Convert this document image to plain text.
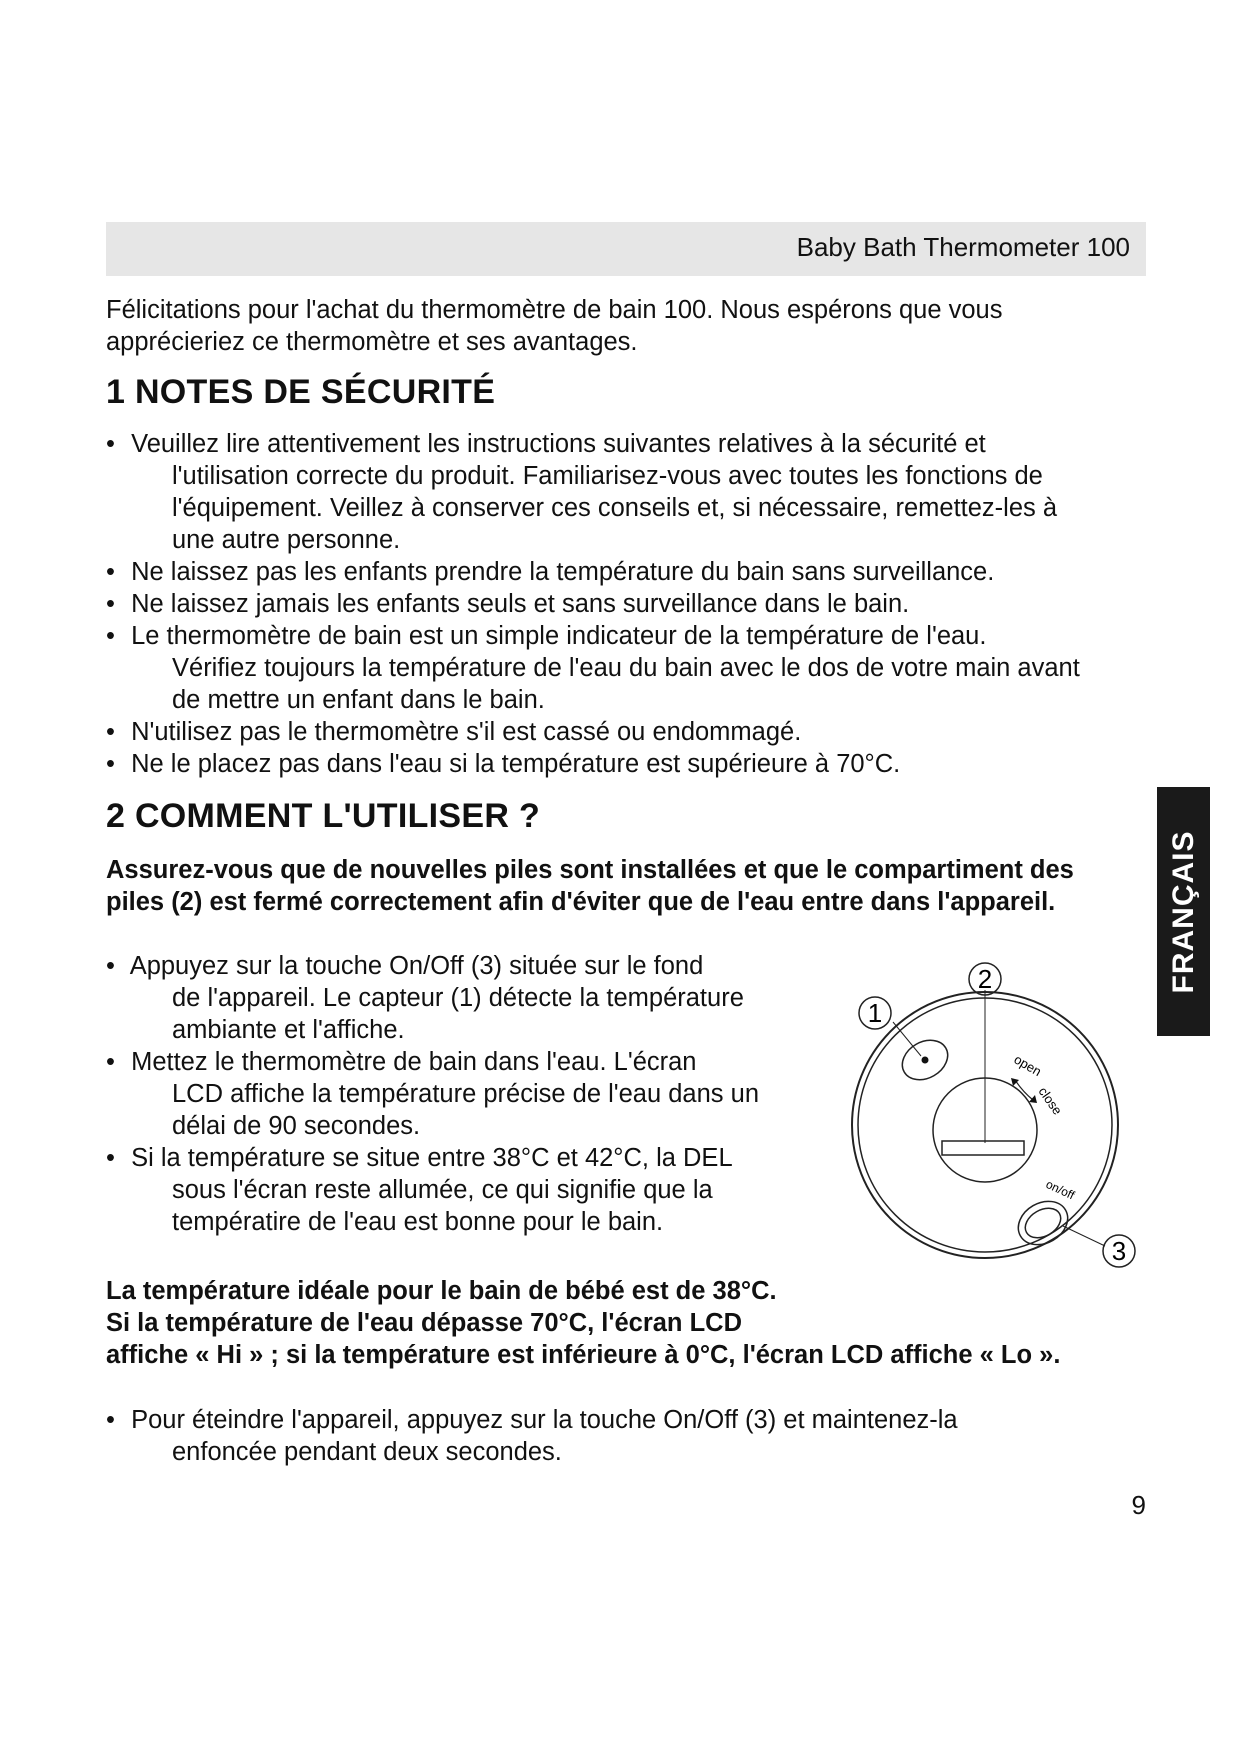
Baby Bath Thermometer 100
Félicitations pour l'achat du thermomètre de bain 100. Nous espérons que vous
apprécieriez ce thermomètre et ses avantages.
1 NOTES DE SÉCURITÉ
• Veuillez lire attentivement les instructions suivantes relatives à la sécurité et
l'utilisation correcte du produit. Familiarisez-vous avec toutes les fonctions de
l'équipement. Veillez à conserver ces conseils et, si nécessaire, remettez-les à
une autre personne.
• Ne laissez pas les enfants prendre la température du bain sans surveillance.
• Ne laissez jamais les enfants seuls et sans surveillance dans le bain.
• Le thermomètre de bain est un simple indicateur de la température de l'eau.
Vérifiez toujours la température de l'eau du bain avec le dos de votre main avant
de mettre un enfant dans le bain.
• N'utilisez pas le thermomètre s'il est cassé ou endommagé.
• Ne le placez pas dans l'eau si la température est supérieure à 70°C.
2 COMMENT L'UTILISER ?
Assurez-vous que de nouvelles piles sont installées et que le compartiment des
piles (2) est fermé correctement afin d'éviter que de l'eau entre dans l'appareil.
• Appuyez sur la touche On/Off (3) située sur le fond
de l'appareil. Le capteur (1) détecte la température
ambiante et l'affiche.
• Mettez le thermomètre de bain dans l'eau. L'écran
LCD affiche la température précise de l'eau dans un
délai de 90 secondes.
• Si la température se situe entre 38°C et 42°C, la DEL
sous l'écran reste allumée, ce qui signifie que la
températire de l'eau est bonne pour le bain.
2
1
open
close
on/off
3
La température idéale pour le bain de bébé est de 38°C.
Si la température de l'eau dépasse 70°C, l'écran LCD
affiche « Hi » ; si la température est inférieure à 0°C, l'écran LCD affiche « Lo ».
• Pour éteindre l'appareil, appuyez sur la touche On/Off (3) et maintenez-la
enfoncée pendant deux secondes.
FRANÇAIS
9
